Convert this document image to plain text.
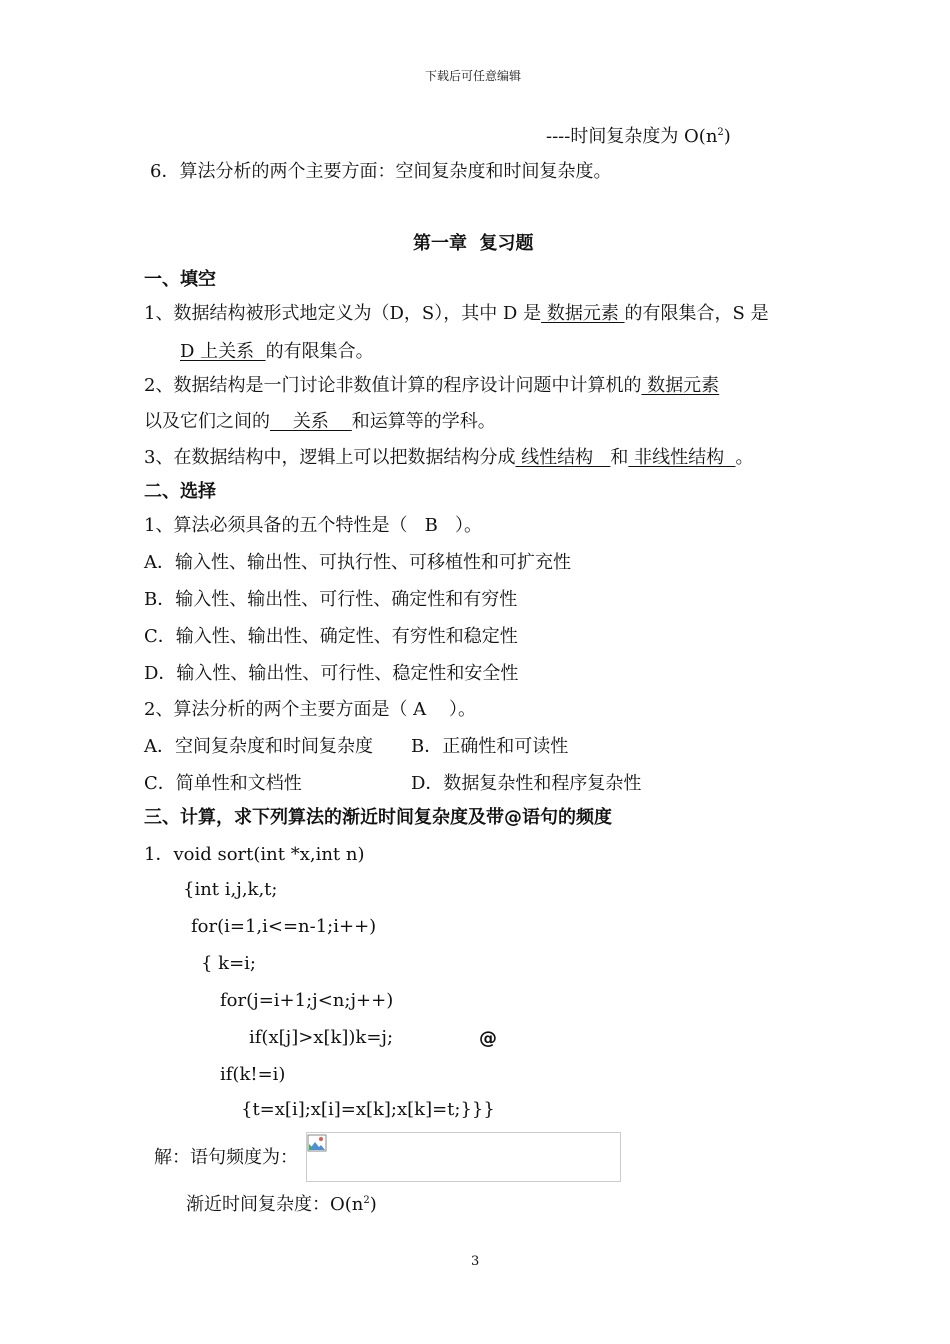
下载后可任意编辑
----时间复杂度为 $O(n^2)$
6．算法分析的两个主要方面：空间复杂度和时间复杂度。
第一章  复习题
一、填空
1、数据结构被形式地定义为（D，S），其中 D 是 数据元素 的有限集合，S 是
D 上关系  的有限集合。
2、数据结构是一门讨论非数值计算的程序设计问题中计算机的 数据元素
以及它们之间的    关系    和运算等的学科。
3、在数据结构中，逻辑上可以把数据结构分成 线性结构   和 非线性结构  。
二、选择
1、算法必须具备的五个特性是（   B   ）。
A．输入性、输出性、可执行性、可移植性和可扩充性
B．输入性、输出性、可行性、确定性和有穷性
C．输入性、输出性、确定性、有穷性和稳定性
D．输入性、输出性、可行性、稳定性和安全性
2、算法分析的两个主要方面是（ A    ）。
A．空间复杂度和时间复杂度 B．正确性和可读性
C．简单性和文档性	D．数据复杂性和程序复杂性
三、计算，求下列算法的渐近时间复杂度及带@语句的频度
1．void sort(int *x,int n)
{int i,j,k,t;
for(i=1,i<=n-1;i++)
{ k=i;
for(j=i+1;j<n;j++)
if(x[j]>x[k])k=j;	@
if(k!=i)
{t=x[i];x[i]=x[k];x[k]=t;}}}
解：语句频度为：
渐近时间复杂度：$O(n^2)$
3
